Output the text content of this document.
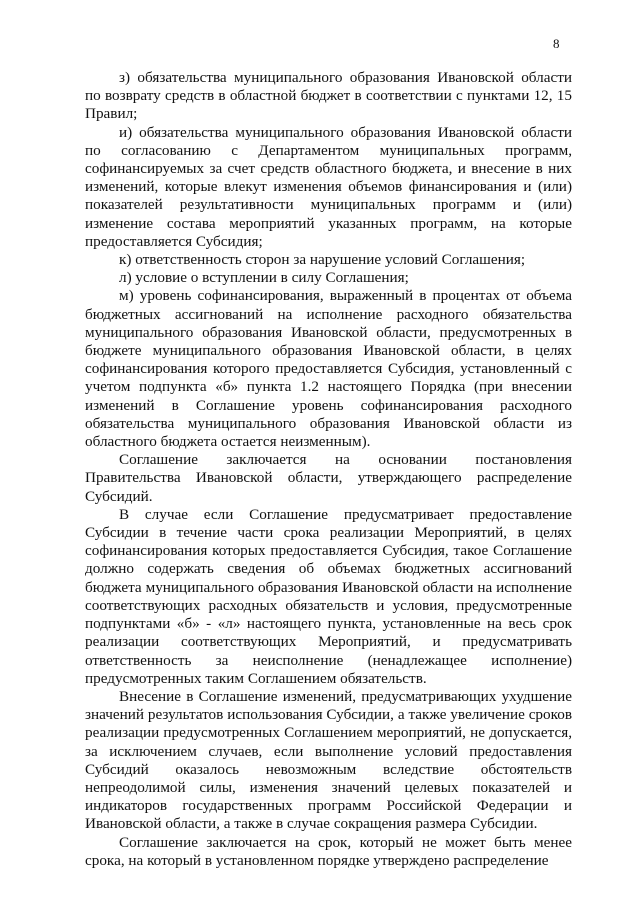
8

з) обязательства муниципального образования Ивановской области по возврату средств в областной бюджет в соответствии с пунктами 12, 15 Правил;

и) обязательства муниципального образования Ивановской области по согласованию с Департаментом муниципальных программ, софинансируемых за счет средств областного бюджета, и внесение в них изменений, которые влекут изменения объемов финансирования и (или) показателей результативности муниципальных программ и (или) изменение состава мероприятий указанных программ, на которые предоставляется Субсидия;

к) ответственность сторон за нарушение условий Соглашения;

л) условие о вступлении в силу Соглашения;

м) уровень софинансирования, выраженный в процентах от объема бюджетных ассигнований на исполнение расходного обязательства муниципального образования Ивановской области, предусмотренных в бюджете муниципального образования Ивановской области, в целях софинансирования которого предоставляется Субсидия, установленный с учетом подпункта «б» пункта 1.2 настоящего Порядка (при внесении изменений в Соглашение уровень софинансирования расходного обязательства муниципального образования Ивановской области из областного бюджета остается неизменным).

Соглашение заключается на основании постановления Правительства Ивановской области, утверждающего распределение Субсидий.

В случае если Соглашение предусматривает предоставление Субсидии в течение части срока реализации Мероприятий, в целях софинансирования которых предоставляется Субсидия, такое Соглашение должно содержать сведения об объемах бюджетных ассигнований бюджета муниципального образования Ивановской области на исполнение соответствующих расходных обязательств и условия, предусмотренные подпунктами «б» - «л» настоящего пункта, установленные на весь срок реализации соответствующих Мероприятий, и предусматривать ответственность за неисполнение (ненадлежащее исполнение) предусмотренных таким Соглашением обязательств.

Внесение в Соглашение изменений, предусматривающих ухудшение значений результатов использования Субсидии, а также увеличение сроков реализации предусмотренных Соглашением мероприятий, не допускается, за исключением случаев, если выполнение условий предоставления Субсидий оказалось невозможным вследствие обстоятельств непреодолимой силы, изменения значений целевых показателей и индикаторов государственных программ Российской Федерации и Ивановской области, а также в случае сокращения размера Субсидии.

Соглашение заключается на срок, который не может быть менее срока, на который в установленном порядке утверждено распределение
